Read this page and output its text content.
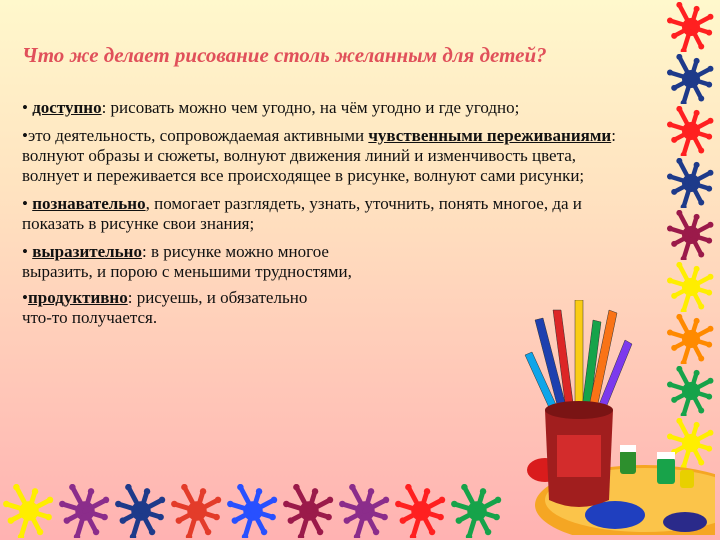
Что же делает рисование столь желанным для детей?

• доступно: рисовать можно чем угодно, на чём угодно и где угодно;

•это деятельность, сопровождаемая активными чувственными переживаниями: волнуют образы и сюжеты, волнуют движения линий и изменчивость цвета, волнует и переживается все происходящее в рисунке, волнуют сами рисунки;

• познавательно, помогает разглядеть, узнать, уточнить, понять многое, да и показать в рисунке свои знания;

• выразительно: в рисунке можно многое
выразить, и порою с меньшими трудностями,

•продуктивно: рисуешь, и обязательно
что-то получается.
